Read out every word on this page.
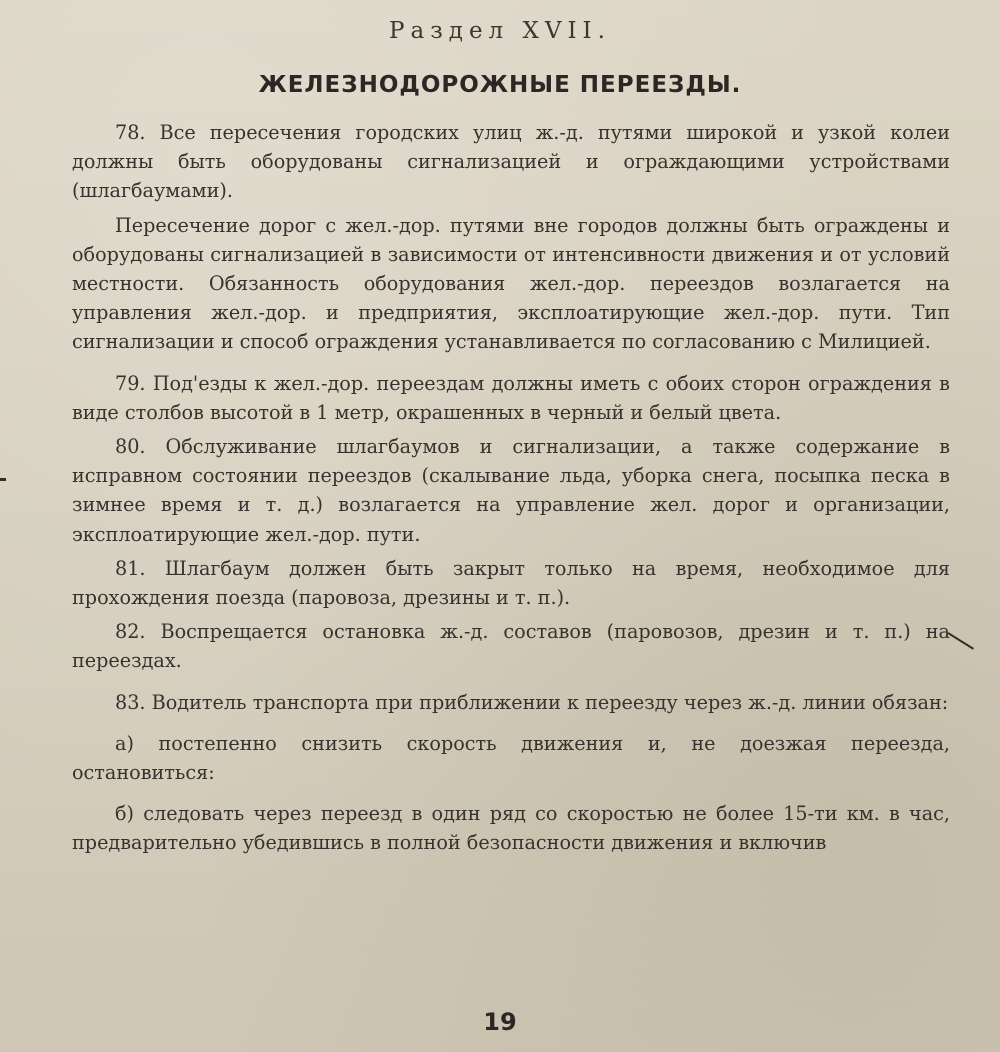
Раздел XVII.
ЖЕЛЕЗНОДОРОЖНЫЕ ПЕРЕЕЗДЫ.

78. Все пересечения городских улиц ж.-д. путями широкой и узкой колеи должны быть оборудованы сигнализацией и ограждающими устройствами (шлагбаумами).

Пересечение дорог с жел.-дор. путями вне городов должны быть ограждены и оборудованы сигнализацией в зависимости от интенсивности движения и от условий местности. Обязанность оборудования жел.-дор. переездов возлагается на управления жел.-дор. и предприятия, эксплоатирующие жел.-дор. пути. Тип сигнализации и способ ограждения устанавливается по согласованию с Милицией.

79. Под'езды к жел.-дор. переездам должны иметь с обоих сторон ограждения в виде столбов высотой в 1 метр, окрашенных в черный и белый цвета.

80. Обслуживание шлагбаумов и сигнализации, а также содержание в исправном состоянии переездов (скалывание льда, уборка снега, посыпка песка в зимнее время и т. д.) возлагается на управление жел. дорог и организации, эксплоатирующие жел.-дор. пути.

81. Шлагбаум должен быть закрыт только на время, необходимое для прохождения поезда (паровоза, дрезины и т. п.).

82. Воспрещается остановка ж.-д. составов (паровозов, дрезин и т. п.) на переездах.

83. Водитель транспорта при приближении к переезду через ж.-д. линии обязан:

а) постепенно снизить скорость движения и, не доезжая переезда, остановиться:

б) следовать через переезд в один ряд со скоростью не более 15-ти км. в час, предварительно убедившись в полной безопасности движения и включив

19
